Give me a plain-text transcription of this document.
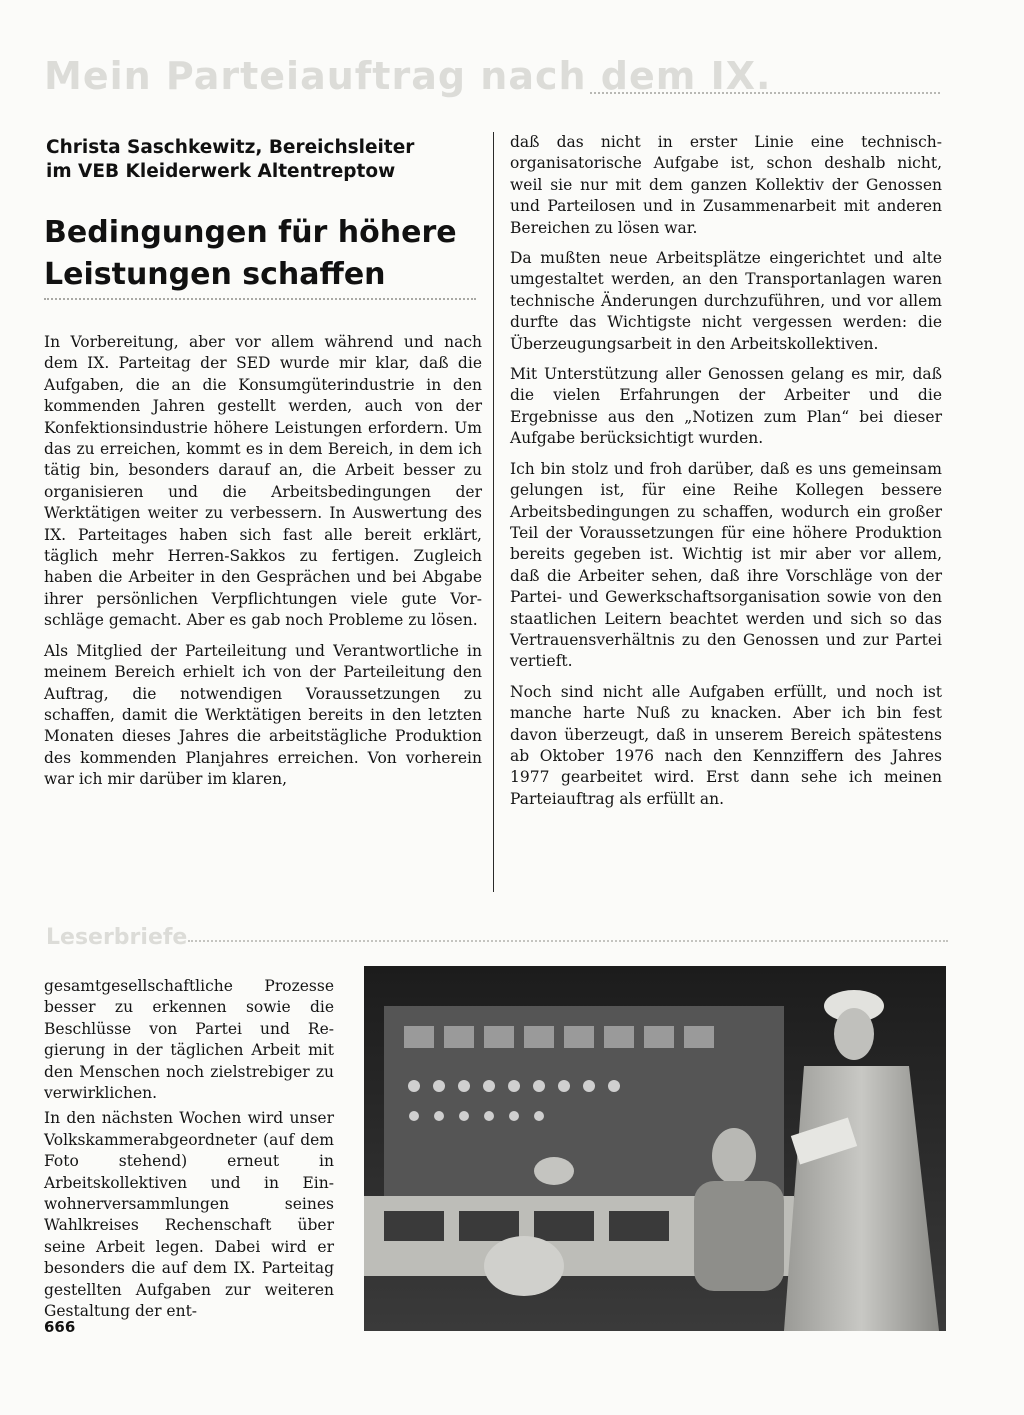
Mein Parteiauftrag nach dem IX.
Christa Saschkewitz, Bereichsleiter
im VEB Kleiderwerk Altentreptow
Bedingungen für höhere
Leistungen schaffen

In Vorbereitung, aber vor allem während und nach dem IX. Parteitag der SED wurde mir klar, daß die Aufgaben, die an die Konsumgüterindustrie in den kommenden Jahren gestellt werden, auch von der Konfektionsindustrie höhere Leistungen erfordern. Um das zu erreichen, kommt es in dem Bereich, in dem ich tätig bin, besonders darauf an, die Arbeit besser zu organisieren und die Arbeitsbedingungen der Werktätigen weiter zu verbessern. In Auswertung des IX. Parteitages haben sich fast alle bereit erklärt, täglich mehr Herren-Sakkos zu fertigen. Zugleich haben die Arbeiter in den Gesprächen und bei Abgabe ihrer persönlichen Verpflichtungen viele gute Vorschläge gemacht. Aber es gab noch Probleme zu lösen.

Als Mitglied der Parteileitung und Verantwortliche in meinem Bereich erhielt ich von der Parteileitung den Auftrag, die notwendigen Voraussetzungen zu schaffen, damit die Werktätigen bereits in den letzten Monaten dieses Jahres die arbeitstägliche Produktion des kommenden Planjahres erreichen. Von vorherein war ich mir darüber im klaren,

daß das nicht in erster Linie eine technisch-organisatorische Aufgabe ist, schon deshalb nicht, weil sie nur mit dem ganzen Kollektiv der Genossen und Parteilosen und in Zusammenarbeit mit anderen Bereichen zu lösen war.

Da mußten neue Arbeitsplätze eingerichtet und alte umgestaltet werden, an den Transportanlagen waren technische Änderungen durchzuführen, und vor allem durfte das Wichtigste nicht vergessen werden: die Überzeugungsarbeit in den Arbeitskollektiven.

Mit Unterstützung aller Genossen gelang es mir, daß die vielen Erfahrungen der Arbeiter und die Ergebnisse aus den „Notizen zum Plan“ bei dieser Aufgabe berücksichtigt wurden.

Ich bin stolz und froh darüber, daß es uns gemeinsam gelungen ist, für eine Reihe Kollegen bessere Arbeitsbedingungen zu schaffen, wodurch ein großer Teil der Voraussetzungen für eine höhere Produktion bereits gegeben ist. Wichtig ist mir aber vor allem, daß die Arbeiter sehen, daß ihre Vorschläge von der Partei- und Gewerkschaftsorganisation sowie von den staatlichen Leitern beachtet werden und sich so das Vertrauensverhältnis zu den Genossen und zur Partei vertieft.

Noch sind nicht alle Aufgaben erfüllt, und noch ist manche harte Nuß zu knacken. Aber ich bin fest davon überzeugt, daß in unserem Bereich spätestens ab Oktober 1976 nach den Kennziffern des Jahres 1977 gearbeitet wird. Erst dann sehe ich meinen Parteiauftrag als erfüllt an.

Leserbriefe

gesamtgesellschaftliche Prozesse besser zu erkennen sowie die Beschlüsse von Partei und Regierung in der täglichen Arbeit mit den Menschen noch zielstrebiger zu verwirklichen.

In den nächsten Wochen wird unser Volkskammerabgeordneter (auf dem Foto stehend) erneut in Arbeitskollektiven und in Einwohnerversammlungen seines Wahlkreises Rechenschaft über seine Arbeit legen. Dabei wird er besonders die auf dem IX. Parteitag gestellten Aufgaben zur weiteren Gestaltung der ent-

666
